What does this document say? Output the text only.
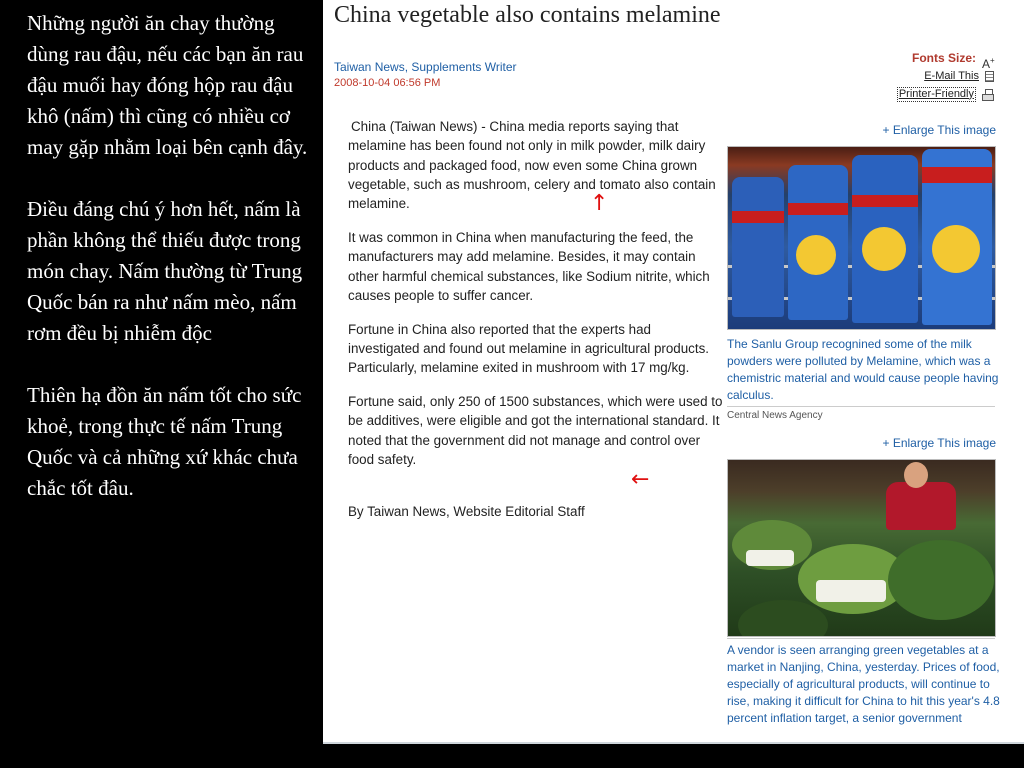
Những người ăn chay thường dùng rau đậu, nếu các bạn ăn rau đậu muối hay đóng hộp rau đậu khô (nấm) thì cũng có nhiều cơ may gặp nhằm loại bên cạnh đây.

Điều đáng chú ý hơn hết, nấm là phần không thể thiếu được trong món chay. Nấm thường từ Trung Quốc bán ra như nấm mèo, nấm rơm đều bị nhiễm độc

Thiên hạ đồn ăn nấm tốt cho sức khoẻ, trong thực tế nấm Trung Quốc và cả những xứ khác chưa chắc tốt đâu.

China vegetable also contains melamine
Taiwan News, Supplements Writer
2008-10-04 06:56 PM
Fonts Size: A+
E-Mail This
Printer-Friendly

China (Taiwan News) - China media reports saying that melamine has been found not only in milk powder, milk dairy products and packaged food, now even some China grown vegetable, such as mushroom, celery and tomato also contain melamine.

It was common in China when manufacturing the feed, the manufacturers may add melamine. Besides, it may contain other harmful chemical substances, like Sodium nitrite, which causes people to suffer cancer.

Fortune in China also reported that the experts had investigated and found out melamine in agricultural products. Particularly, melamine exited in mushroom with 17 mg/kg.

Fortune said, only 250 of 1500 substances, which were used to be additives, were eligible and got the international standard. It noted that the government did not manage and control over food safety.

By Taiwan News, Website Editorial Staff
↑
←
+ Enlarge This image
The Sanlu Group recognined some of the milk powders were polluted by Melamine, which was a chemistric material and would cause people having calculus.
Central News Agency
+ Enlarge This image
A vendor is seen arranging green vegetables at a market in Nanjing, China, yesterday. Prices of food, especially of agricultural products, will continue to rise, making it difficult for China to hit this year's 4.8 percent inflation target, a senior government
